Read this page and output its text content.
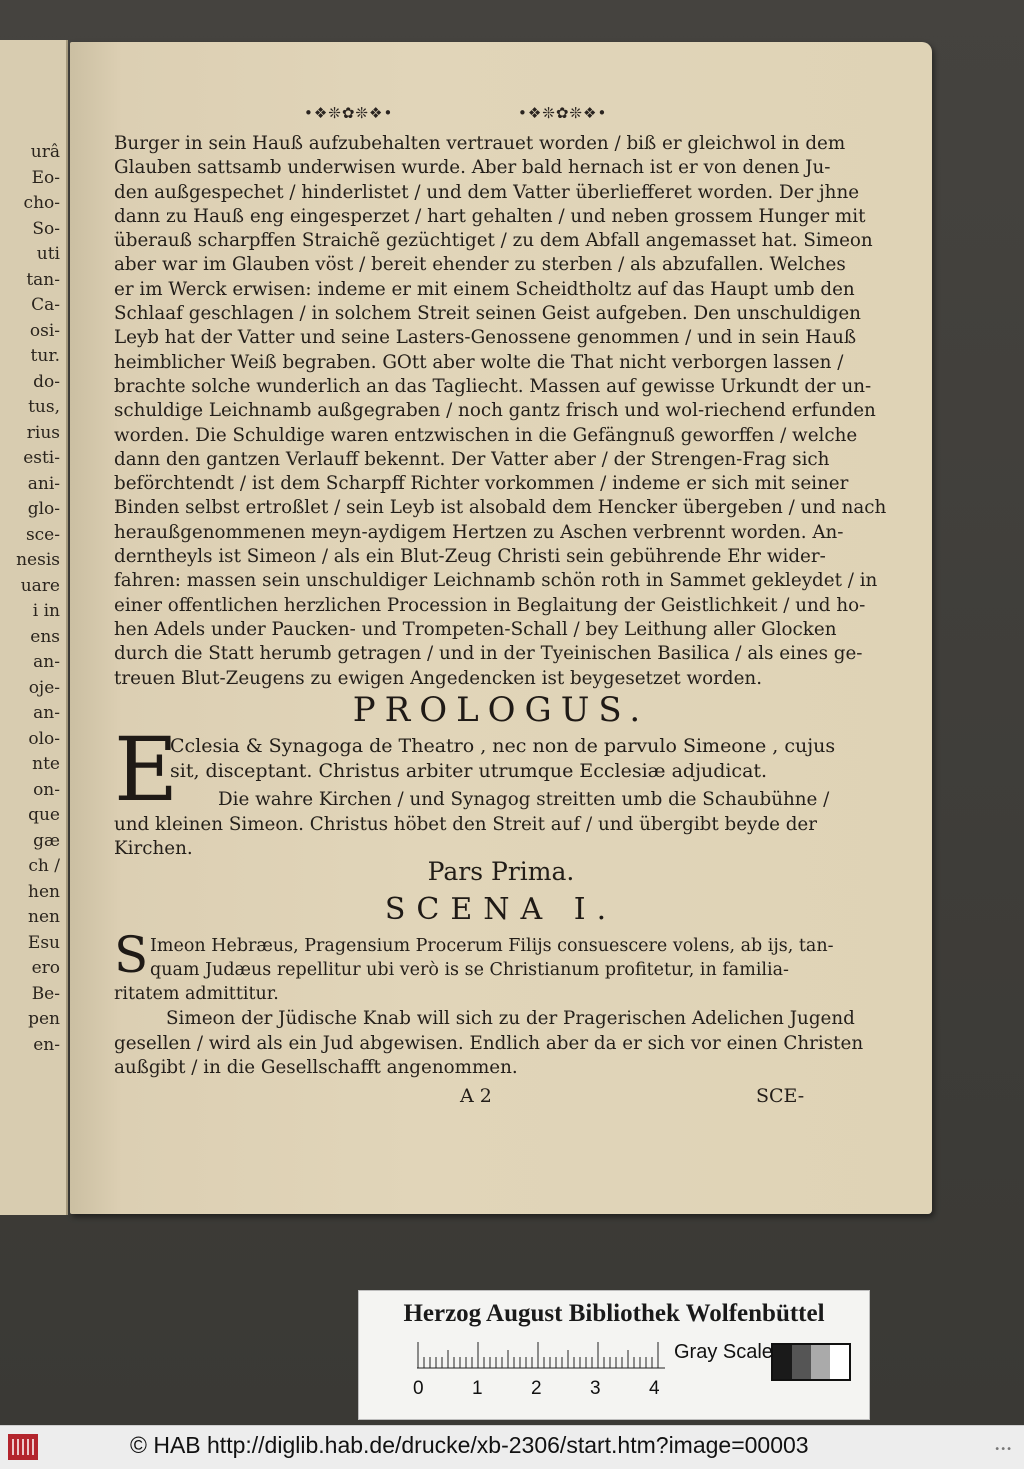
urâ
Eo-
cho-
So-
uti
tan-
Ca-
osi-
tur.
do-
tus,
rius
esti-
ani-
glo-
sce-
nesis
uare
i in
ens
an-
oje-
an-
olo-
nte
on-
que
gæ
ch /
hen
nen
Esu
ero
Be-
pen
en-
•❖❊✿❊❖•	•❖❊✿❊❖•
Burger in sein Hauß aufzubehalten vertrauet worden / biß er gleichwol in dem
Glauben sattsamb underwisen wurde. Aber bald hernach ist er von denen Ju-
den außgespechet / hinderlistet / und dem Vatter überliefferet worden. Der jhne
dann zu Hauß eng eingesperzet / hart gehalten / und neben grossem Hunger mit
überauß scharpffen Straichẽ gezüchtiget / zu dem Abfall angemasset hat. Simeon
aber war im Glauben vöst / bereit ehender zu sterben / als abzufallen. Welches
er im Werck erwisen: indeme er mit einem Scheidtholtz auf das Haupt umb den
Schlaaf geschlagen / in solchem Streit seinen Geist aufgeben. Den unschuldigen
Leyb hat der Vatter und seine Lasters-Genossene genommen / und in sein Hauß
heimblicher Weiß begraben. GOtt aber wolte die That nicht verborgen lassen /
brachte solche wunderlich an das Tagliecht. Massen auf gewisse Urkundt der un-
schuldige Leichnamb außgegraben / noch gantz frisch und wol-riechend erfunden
worden. Die Schuldige waren entzwischen in die Gefängnuß geworffen / welche
dann den gantzen Verlauff bekennt. Der Vatter aber / der Strengen-Frag sich
beförchtendt / ist dem Scharpff Richter vorkommen / indeme er sich mit seiner
Binden selbst ertroßlet / sein Leyb ist alsobald dem Hencker übergeben / und nach
heraußgenommenen meyn-aydigem Hertzen zu Aschen verbrennt worden. An-
derntheyls ist Simeon / als ein Blut-Zeug Christi sein gebührende Ehr wider-
fahren: massen sein unschuldiger Leichnamb schön roth in Sammet gekleydet / in
einer offentlichen herzlichen Procession in Beglaitung der Geistlichkeit / und ho-
hen Adels under Paucken- und Trompeten-Schall / bey Leithung aller Glocken
durch die Statt herumb getragen / und in der Tyeinischen Basilica / als eines ge-
treuen Blut-Zeugens zu ewigen Angedencken ist beygesetzet worden.
PROLOGUS.
E
Cclesia & Synagoga de Theatro , nec non de parvulo Simeone , cujus
sit, disceptant. Christus arbiter utrumque Ecclesiæ adjudicat.
Die wahre Kirchen / und Synagog streitten umb die Schaubühne /
und kleinen Simeon. Christus höbet den Streit auf / und übergibt beyde der
Kirchen.
Pars Prima.
SCENA I.
S Imeon Hebræus, Pragensium Procerum Filijs consuescere volens, ab ijs, tan-
quam Judæus repellitur ubi verò is se Christianum profitetur, in familia-
ritatem admittitur.
Simeon der Jüdische Knab will sich zu der Pragerischen Adelichen Jugend
gesellen / wird als ein Jud abgewisen. Endlich aber da er sich vor einen Christen
außgibt / in die Gesellschafft angenommen.
A 2	SCE-
Herzog August Bibliothek Wolfenbüttel
0	1	2	3	4
Gray Scale
© HAB http://diglib.hab.de/drucke/xb-2306/start.htm?image=00003	•••
